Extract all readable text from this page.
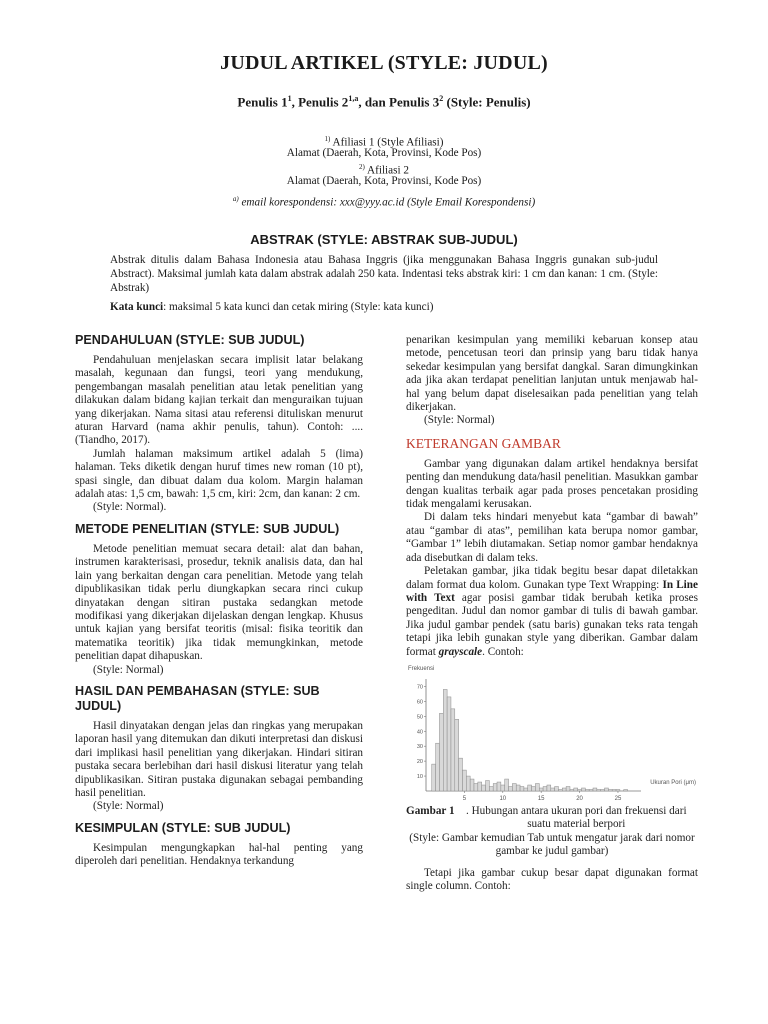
JUDUL ARTIKEL (STYLE: JUDUL)
Penulis $1^1$, Penulis 2$^{1,a}$, dan Penulis $3^2$ (Style: Penulis)
$^{1)}$ Afiliasi 1 (Style Afiliasi)
Alamat (Daerah, Kota, Provinsi, Kode Pos)
$^{2)}$ Afiliasi 2
Alamat (Daerah, Kota, Provinsi, Kode Pos)
$^{a)}$ email korespondensi: xxx@yyy.ac.id (Style Email Korespondensi)
ABSTRAK (STYLE: ABSTRAK SUB-JUDUL)
Abstrak ditulis dalam Bahasa Indonesia atau Bahasa Inggris (jika menggunakan Bahasa Inggris gunakan sub-judul Abstract). Maksimal jumlah kata dalam abstrak adalah 250 kata. Indentasi teks abstrak kiri: 1 cm dan kanan: 1 cm. (Style: Abstrak)
Kata kunci: maksimal 5 kata kunci dan cetak miring (Style: kata kunci)
PENDAHULUAN (STYLE: SUB JUDUL)

Pendahuluan menjelaskan secara implisit latar belakang masalah, kegunaan dan fungsi, teori yang mendukung, pengembangan masalah penelitian atau letak penelitian yang dilakukan dalam bidang kajian terkait dan menguraikan tujuan yang dikerjakan. Nama sitasi atau referensi dituliskan menurut aturan Harvard (nama akhir penulis, tahun). Contoh: .... (Tiandho, 2017).

Jumlah halaman maksimum artikel adalah 5 (lima) halaman. Teks diketik dengan huruf times new roman (10 pt), spasi single, dan dibuat dalam dua kolom. Margin halaman adalah atas: 1,5 cm, bawah: 1,5 cm, kiri: 2cm, dan kanan: 2 cm.

(Style: Normal).

METODE PENELITIAN (STYLE: SUB JUDUL)

Metode penelitian memuat secara detail: alat dan bahan, instrumen karakterisasi, prosedur, teknik analisis data, dan hal lain yang berkaitan dengan cara penelitian. Metode yang telah dipublikasikan tidak perlu diungkapkan secara rinci cukup dinyatakan dengan sitiran pustaka sedangkan metode modifikasi yang dikerjakan dijelaskan dengan lengkap. Khusus untuk kajian yang bersifat teoritis (misal: fisika teoritik dan matematika teoritik) jika tidak memungkinkan, metode penelitian dapat dihapuskan.

(Style: Normal)

HASIL DAN PEMBAHASAN (STYLE: SUB JUDUL)

Hasil dinyatakan dengan jelas dan ringkas yang merupakan laporan hasil yang ditemukan dan dikuti interpretasi dan diskusi dari implikasi hasil penelitian yang dikerjakan. Hindari sitiran pustaka secara berlebihan dari hasil diskusi literatur yang telah dipublikasikan. Sitiran pustaka digunakan sebagai pembanding hasil penelitian.

(Style: Normal)

KESIMPULAN (STYLE: SUB JUDUL)

Kesimpulan mengungkapkan hal-hal penting yang diperoleh dari penelitian. Hendaknya terkandung

penarikan kesimpulan yang memiliki kebaruan konsep atau metode, pencetusan teori dan prinsip yang baru tidak hanya sekedar kesimpulan yang bersifat dangkal. Saran dimungkinkan ada jika akan terdapat penelitian lanjutan untuk menjawab hal-hal yang belum dapat diselesaikan pada penelitian yang telah dikerjakan.

(Style: Normal)

KETERANGAN GAMBAR

Gambar yang digunakan dalam artikel hendaknya bersifat penting dan mendukung data/hasil penelitian. Masukkan gambar dengan kualitas terbaik agar pada proses pencetakan prosiding tidak mengalami kerusakan.

Di dalam teks hindari menyebut kata “gambar di bawah” atau “gambar di atas”, pemilihan kata berupa nomor gambar, “Gambar 1” lebih diutamakan. Setiap nomor gambar hendaknya ada disebutkan di dalam teks.

Peletakan gambar, jika tidak begitu besar dapat diletakkan dalam format dua kolom. Gunakan type Text Wrapping: In Line with Text agar posisi gambar tidak berubah ketika proses pengeditan. Judul dan nomor gambar di tulis di bawah gambar. Jika judul gambar pendek (satu baris) gunakan teks rata tengah tetapi jika lebih gunakan style yang diberikan. Gambar dalam format grayscale. Contoh:

10
20
30
40
50
60
70
5	10	15	20	25
Frekuensi
Ukuran Pori (μm)
Gambar 1	. Hubungan antara ukuran pori dan frekuensi dari suatu material berpori
(Style: Gambar kemudian Tab untuk mengatur jarak dari nomor gambar ke judul gambar)

Tetapi jika gambar cukup besar dapat digunakan format single column. Contoh:
